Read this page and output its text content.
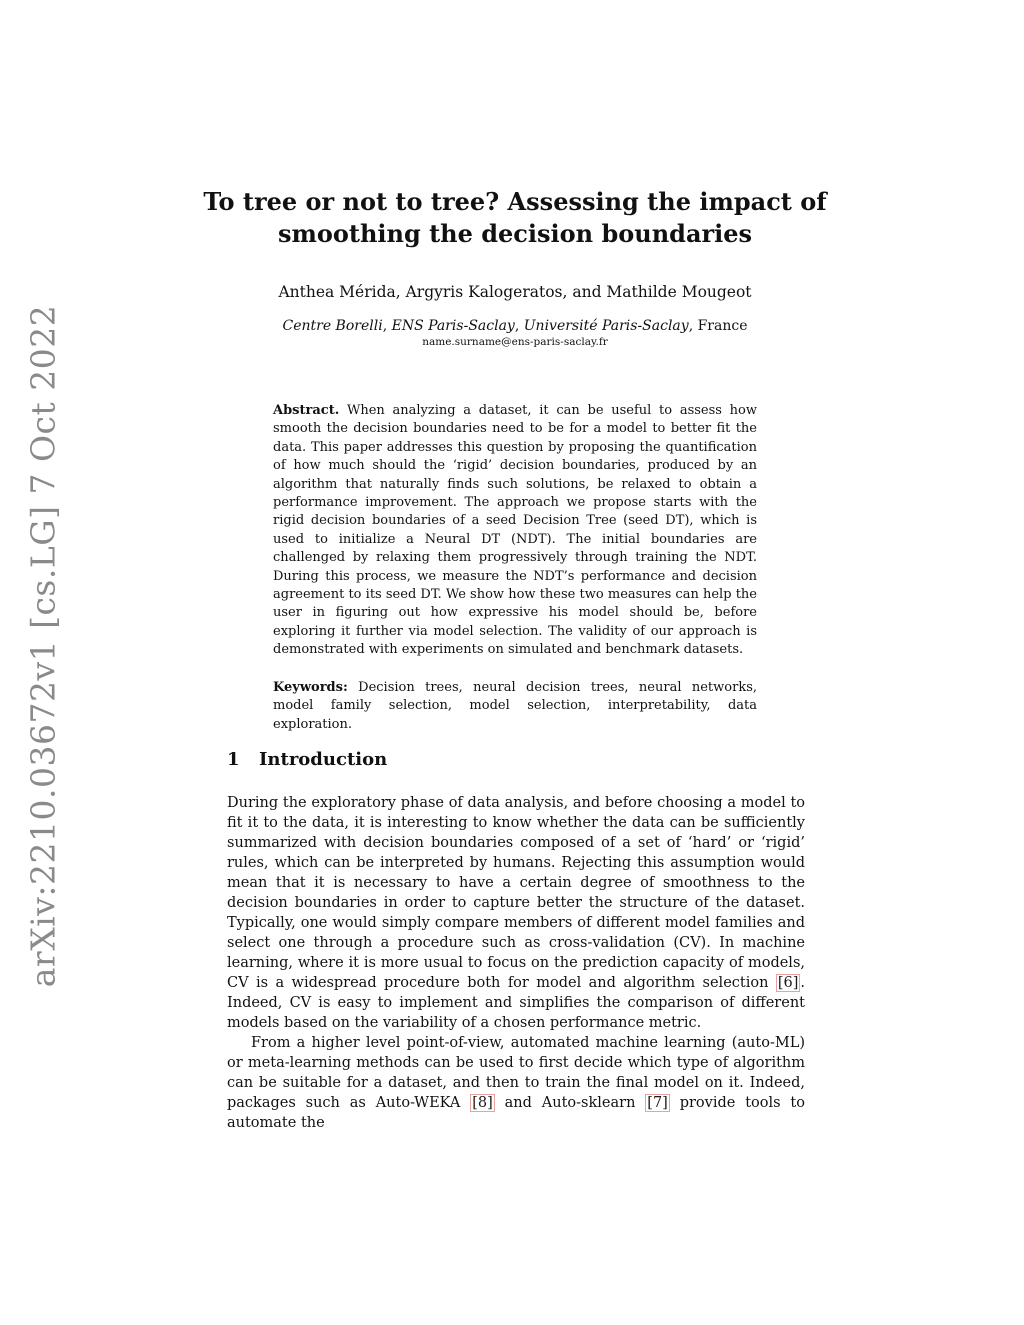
arXiv:2210.03672v1 [cs.LG] 7 Oct 2022
To tree or not to tree? Assessing the impact of
smoothing the decision boundaries
Anthea Mérida, Argyris Kalogeratos, and Mathilde Mougeot
Centre Borelli, ENS Paris-Saclay, Université Paris-Saclay, France
name.surname@ens-paris-saclay.fr
Abstract. When analyzing a dataset, it can be useful to assess how smooth the decision boundaries need to be for a model to better fit the data. This paper addresses this question by proposing the quantification of how much should the ‘rigid’ decision boundaries, produced by an algorithm that naturally finds such solutions, be relaxed to obtain a performance improvement. The approach we propose starts with the rigid decision boundaries of a seed Decision Tree (seed DT), which is used to initialize a Neural DT (NDT). The initial boundaries are challenged by relaxing them progressively through training the NDT. During this process, we measure the NDT’s performance and decision agreement to its seed DT. We show how these two measures can help the user in figuring out how expressive his model should be, before exploring it further via model selection. The validity of our approach is demonstrated with experiments on simulated and benchmark datasets.
Keywords: Decision trees, neural decision trees, neural networks, model family selection, model selection, interpretability, data exploration.
1 Introduction

During the exploratory phase of data analysis, and before choosing a model to fit it to the data, it is interesting to know whether the data can be sufficiently summarized with decision boundaries composed of a set of ‘hard’ or ‘rigid’ rules, which can be interpreted by humans. Rejecting this assumption would mean that it is necessary to have a certain degree of smoothness to the decision boundaries in order to capture better the structure of the dataset. Typically, one would simply compare members of different model families and select one through a procedure such as cross-validation (CV). In machine learning, where it is more usual to focus on the prediction capacity of models, CV is a widespread procedure both for model and algorithm selection [6] . Indeed, CV is easy to implement and simplifies the comparison of different models based on the variability of a chosen performance metric.

From a higher level point-of-view, automated machine learning (auto-ML) or meta-learning methods can be used to first decide which type of algorithm can be suitable for a dataset, and then to train the final model on it. Indeed, packages such as Auto-WEKA [8] and Auto-sklearn [7] provide tools to automate the
